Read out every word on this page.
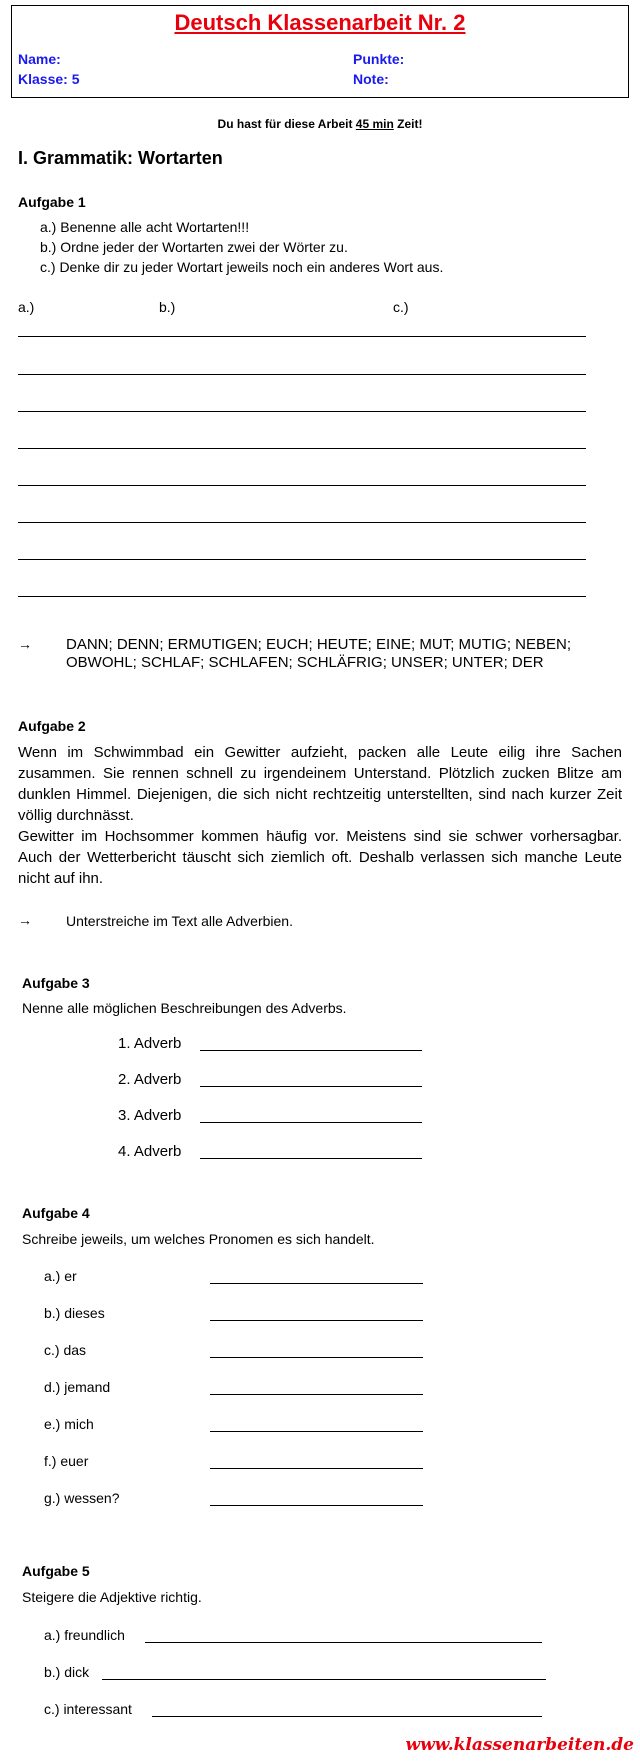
Deutsch Klassenarbeit Nr. 2
Name:
Klasse: 5
Punkte:
Note:
Du hast für diese Arbeit 45 min Zeit!
I. Grammatik: Wortarten
Aufgabe 1
a.) Benenne alle acht Wortarten!!!
b.) Ordne jeder der Wortarten zwei der Wörter zu.
c.) Denke dir zu jeder Wortart jeweils noch ein anderes Wort aus.
a.)	b.)	c.)
→ DANN; DENN; ERMUTIGEN; EUCH; HEUTE; EINE; MUT; MUTIG; NEBEN;
OBWOHL; SCHLAF; SCHLAFEN; SCHLÄFRIG; UNSER; UNTER; DER
Aufgabe 2

Wenn im Schwimmbad ein Gewitter aufzieht, packen alle Leute eilig ihre Sachen zusammen. Sie rennen schnell zu irgendeinem Unterstand. Plötzlich zucken Blitze am dunklen Himmel. Diejenigen, die sich nicht rechtzeitig unterstellten, sind nach kurzer Zeit völlig durchnässt.

Gewitter im Hochsommer kommen häufig vor. Meistens sind sie schwer vorhersagbar. Auch der Wetterbericht täuscht sich ziemlich oft. Deshalb verlassen sich manche Leute nicht auf ihn.

→ Unterstreiche im Text alle Adverbien.
Aufgabe 3
Nenne alle möglichen Beschreibungen des Adverbs.
1. Adverb
2. Adverb
3. Adverb
4. Adverb
Aufgabe 4
Schreibe jeweils, um welches Pronomen es sich handelt.
a.) er
b.) dieses
c.) das
d.) jemand
e.) mich
f.) euer
g.) wessen?
Aufgabe 5
Steigere die Adjektive richtig.
a.) freundlich
b.) dick
c.) interessant
www.klassenarbeiten.de
